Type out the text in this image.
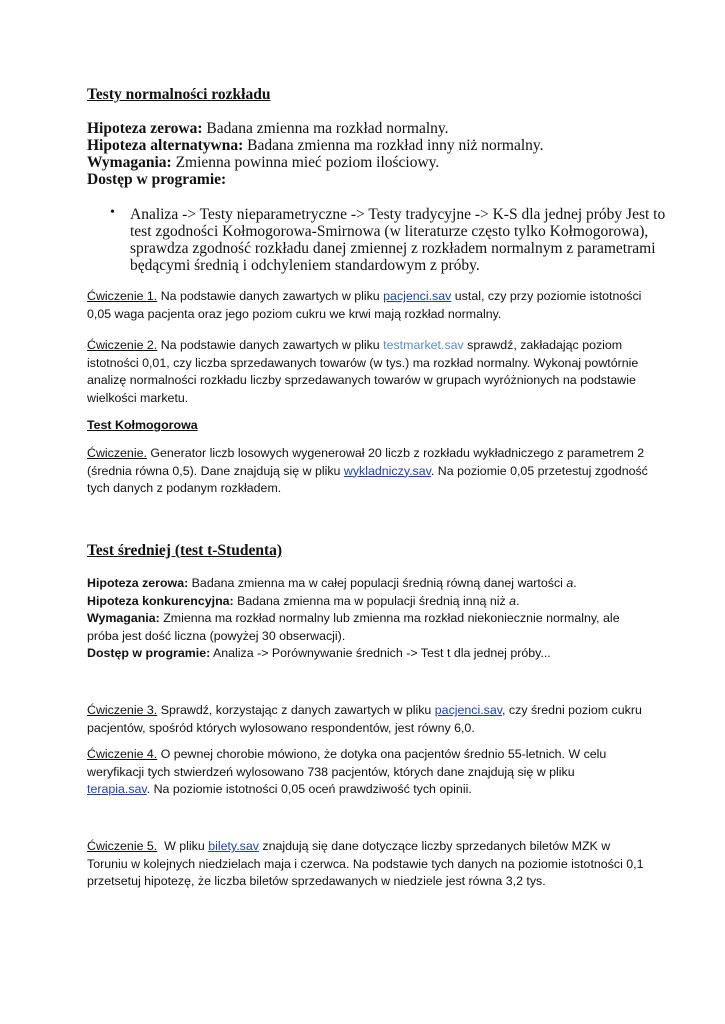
Testy normalności rozkładu
Hipoteza zerowa: Badana zmienna ma rozkład normalny.
Hipoteza alternatywna: Badana zmienna ma rozkład inny niż normalny.
Wymagania: Zmienna powinna mieć poziom ilościowy.
Dostęp w programie:
• Analiza -> Testy nieparametryczne -> Testy tradycyjne -> K-S dla jednej próby Jest to
test zgodności Kołmogorowa-Smirnowa (w literaturze często tylko Kołmogorowa),
sprawdza zgodność rozkładu danej zmiennej z rozkładem normalnym z parametrami
będącymi średnią i odchyleniem standardowym z próby.
Ćwiczenie 1. Na podstawie danych zawartych w pliku pacjenci.sav ustal, czy przy poziomie istotności
0,05 waga pacjenta oraz jego poziom cukru we krwi mają rozkład normalny.
Ćwiczenie 2. Na podstawie danych zawartych w pliku testmarket.sav sprawdź, zakładając poziom
istotności 0,01, czy liczba sprzedawanych towarów (w tys.) ma rozkład normalny. Wykonaj powtórnie
analizę normalności rozkładu liczby sprzedawanych towarów w grupach wyróżnionych na podstawie
wielkości marketu.
Test Kołmogorowa
Ćwiczenie. Generator liczb losowych wygenerował 20 liczb z rozkładu wykładniczego z parametrem 2
(średnia równa 0,5). Dane znajdują się w pliku wykladniczy.sav. Na poziomie 0,05 przetestuj zgodność
tych danych z podanym rozkładem.
Test średniej (test t-Studenta)
Hipoteza zerowa: Badana zmienna ma w całej populacji średnią równą danej wartości a.
Hipoteza konkurencyjna: Badana zmienna ma w populacji średnią inną niż a.
Wymagania: Zmienna ma rozkład normalny lub zmienna ma rozkład niekoniecznie normalny, ale
próba jest dość liczna (powyżej 30 obserwacji).
Dostęp w programie: Analiza -> Porównywanie średnich -> Test t dla jednej próby...
Ćwiczenie 3. Sprawdź, korzystając z danych zawartych w pliku pacjenci.sav, czy średni poziom cukru
pacjentów, spośród których wylosowano respondentów, jest równy 6,0.
Ćwiczenie 4. O pewnej chorobie mówiono, że dotyka ona pacjentów średnio 55-letnich. W celu
weryfikacji tych stwierdzeń wylosowano 738 pacjentów, których dane znajdują się w pliku
terapia.sav. Na poziomie istotności 0,05 oceń prawdziwość tych opinii.
Ćwiczenie 5.  W pliku bilety.sav znajdują się dane dotyczące liczby sprzedanych biletów MZK w
Toruniu w kolejnych niedzielach maja i czerwca. Na podstawie tych danych na poziomie istotności 0,1
przetsetuj hipotezę, że liczba biletów sprzedawanych w niedziele jest równa 3,2 tys.
